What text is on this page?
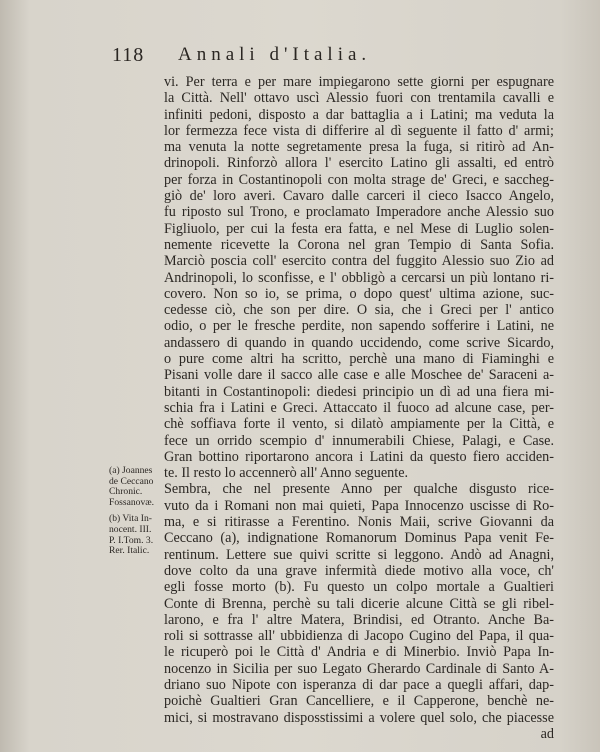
118 Annali d'Italia.
vi. Per terra e per mare impiegarono sette giorni per espugnare
la Città. Nell' ottavo uscì Alessio fuori con trentamila cavalli e
infiniti pedoni, disposto a dar battaglia a i Latini; ma veduta la
lor fermezza fece vista di differire al dì seguente il fatto d' armi;
ma venuta la notte segretamente presa la fuga, si ritirò ad An-
drinopoli. Rinforzò allora l' esercito Latino gli assalti, ed entrò
per forza in Costantinopoli con molta strage de' Greci, e saccheg-
giò de' loro averi. Cavaro dalle carceri il cieco Isacco Angelo,
fu riposto sul Trono, e proclamato Imperadore anche Alessio suo
Figliuolo, per cui la festa era fatta, e nel Mese di Luglio solen-
nemente ricevette la Corona nel gran Tempio di Santa Sofia.
Marciò poscia coll' esercito contra del fuggito Alessio suo Zio ad
Andrinopoli, lo sconfisse, e l' obbligò a cercarsi un più lontano ri-
covero. Non so io, se prima, o dopo quest' ultima azione, suc-
cedesse ciò, che son per dire. O sia, che i Greci per l' antico
odio, o per le fresche perdite, non sapendo sofferire i Latini, ne
andassero di quando in quando uccidendo, come scrive Sicardo,
o pure come altri ha scritto, perchè una mano di Fiaminghi e
Pisani volle dare il sacco alle case e alle Moschee de' Saraceni a-
bitanti in Costantinopoli: diedesi principio un dì ad una fiera mi-
schia fra i Latini e Greci. Attaccato il fuoco ad alcune case, per-
chè soffiava forte il vento, si dilatò ampiamente per la Città, e
fece un orrido scempio d' innumerabili Chiese, Palagi, e Case.
Gran bottino riportarono ancora i Latini da questo fiero acciden-
te. Il resto lo accennerò all' Anno seguente.
Sembra, che nel presente Anno per qualche disgusto rice-
vuto da i Romani non mai quieti, Papa Innocenzo uscisse di Ro-
ma, e si ritirasse a Ferentino. Nonis Maii, scrive Giovanni da
Ceccano (a), indignatione Romanorum Dominus Papa venit Fe-
rentinum. Lettere sue quivi scritte si leggono. Andò ad Anagni,
dove colto da una grave infermità diede motivo alla voce, ch'
egli fosse morto (b). Fu questo un colpo mortale a Gualtieri
Conte di Brenna, perchè su tali dicerie alcune Città se gli ribel-
larono, e fra l' altre Matera, Brindisi, ed Otranto. Anche Ba-
roli si sottrasse all' ubbidienza di Jacopo Cugino del Papa, il qua-
le ricuperò poi le Città d' Andria e di Minerbio. Inviò Papa In-
nocenzo in Sicilia per suo Legato Gherardo Cardinale di Santo A-
driano suo Nipote con isperanza di dar pace a quegli affari, dap-
poichè Gualtieri Gran Cancelliere, e il Capperone, benchè ne-
mici, si mostravano disposstissimi a volere quel solo, che piacesse
ad
(a) Joannes
de Ceccano
Chronic.
Fossanovæ.
(b) Vita In-
nocent. III.
P. I.Tom. 3.
Rer. Italic.
